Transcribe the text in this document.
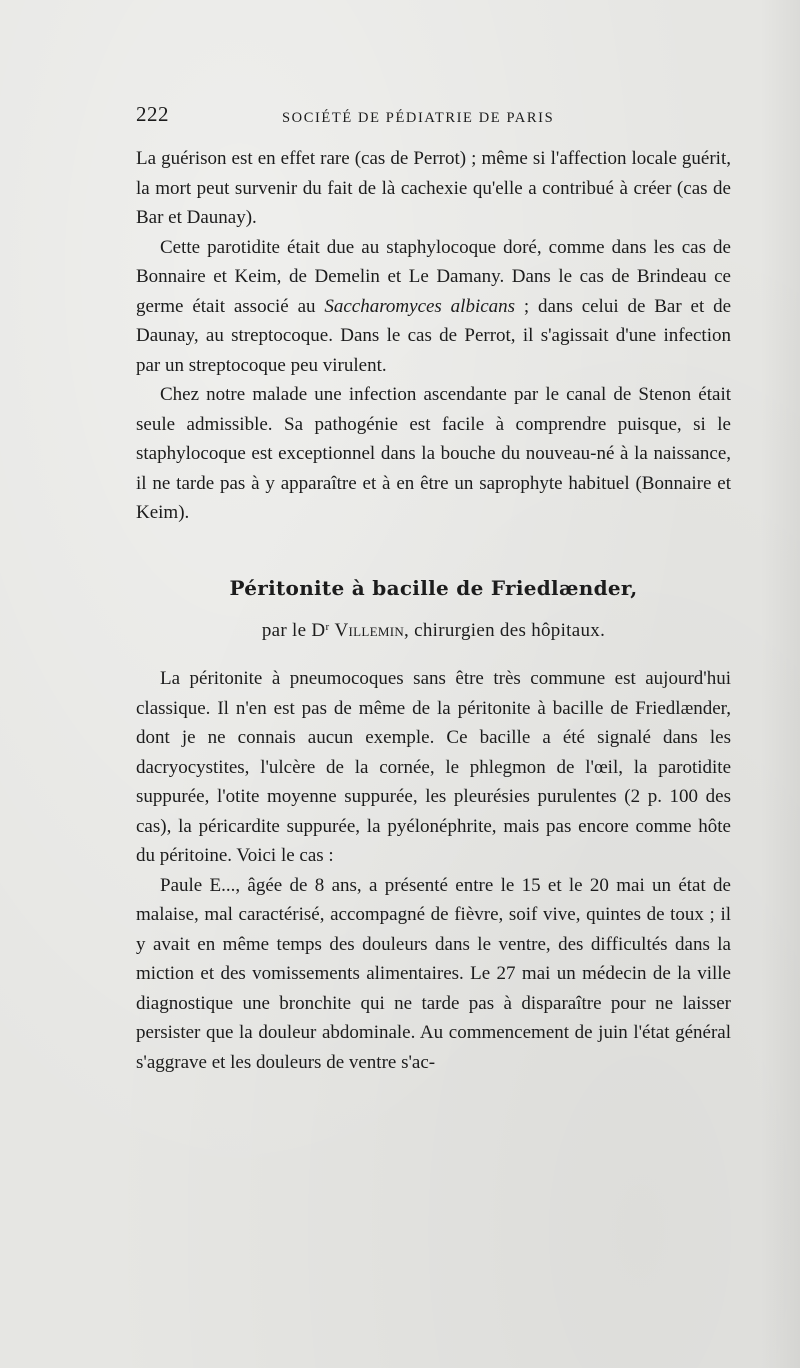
222	SOCIÉTÉ DE PÉDIATRIE DE PARIS

La guérison est en effet rare (cas de Perrot) ; même si l'affection locale guérit, la mort peut survenir du fait de là cachexie qu'elle a contribué à créer (cas de Bar et Daunay).

Cette parotidite était due au staphylocoque doré, comme dans les cas de Bonnaire et Keim, de Demelin et Le Damany. Dans le cas de Brindeau ce germe était associé au Saccharomyces albicans ; dans celui de Bar et de Daunay, au streptocoque. Dans le cas de Perrot, il s'agissait d'une infection par un streptocoque peu virulent.

Chez notre malade une infection ascendante par le canal de Stenon était seule admissible. Sa pathogénie est facile à comprendre puisque, si le staphylocoque est exceptionnel dans la bouche du nouveau-né à la naissance, il ne tarde pas à y apparaître et à en être un saprophyte habituel (Bonnaire et Keim).

Péritonite à bacille de Friedlænder,
par le $D^r$ Villemin, chirurgien des hôpitaux.

La péritonite à pneumocoques sans être très commune est aujourd'hui classique. Il n'en est pas de même de la péritonite à bacille de Friedlænder, dont je ne connais aucun exemple. Ce bacille a été signalé dans les dacryocystites, l'ulcère de la cornée, le phlegmon de l'œil, la parotidite suppurée, l'otite moyenne suppurée, les pleurésies purulentes (2 p. 100 des cas), la péricardite suppurée, la pyélonéphrite, mais pas encore comme hôte du péritoine. Voici le cas :

Paule E..., âgée de 8 ans, a présenté entre le 15 et le 20 mai un état de malaise, mal caractérisé, accompagné de fièvre, soif vive, quintes de toux ; il y avait en même temps des douleurs dans le ventre, des difficultés dans la miction et des vomissements alimentaires. Le 27 mai un médecin de la ville diagnostique une bronchite qui ne tarde pas à disparaître pour ne laisser persister que la douleur abdominale. Au commencement de juin l'état général s'aggrave et les douleurs de ventre s'ac-
